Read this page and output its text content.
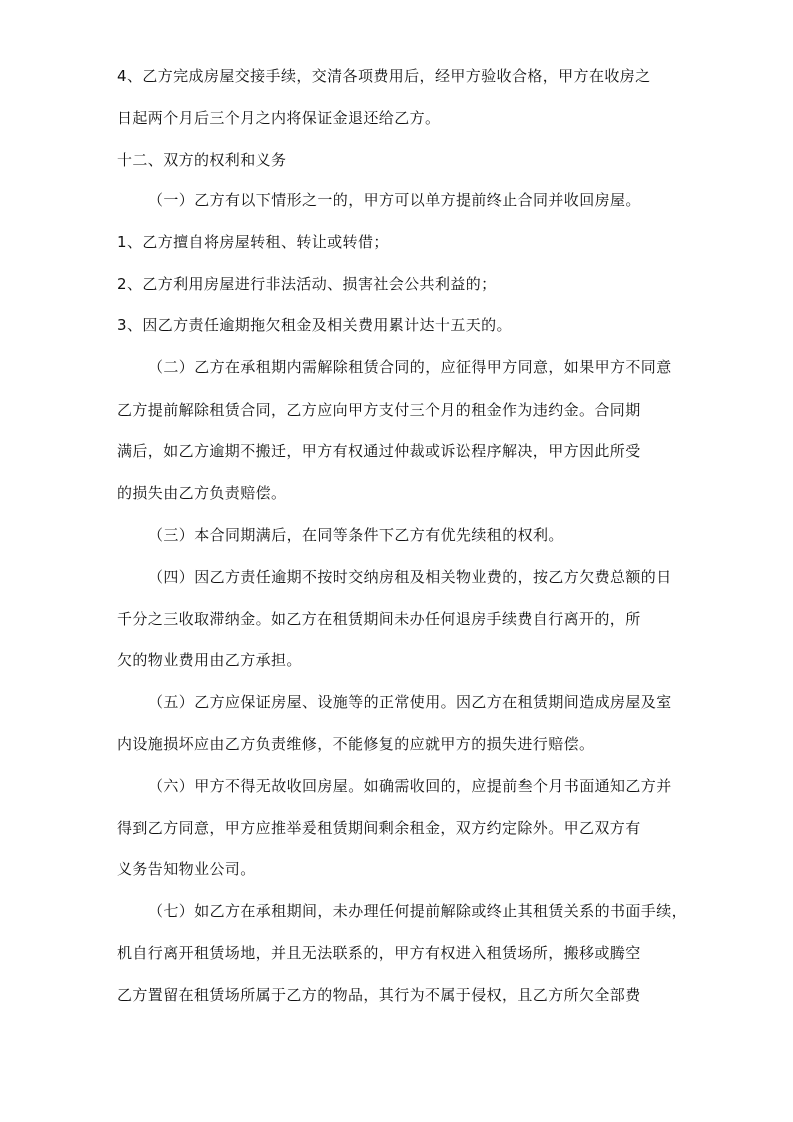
4、乙方完成房屋交接手续，交清各项费用后，经甲方验收合格，甲方在收房之
日起两个月后三个月之内将保证金退还给乙方。
十二、双方的权利和义务
（一）乙方有以下情形之一的，甲方可以单方提前终止合同并收回房屋。
1、乙方擅自将房屋转租、转让或转借；
2、乙方利用房屋进行非法活动、损害社会公共利益的；
3、因乙方责任逾期拖欠租金及相关费用累计达十五天的。
（二）乙方在承租期内需解除租赁合同的，应征得甲方同意，如果甲方不同意
乙方提前解除租赁合同，乙方应向甲方支付三个月的租金作为违约金。合同期
满后，如乙方逾期不搬迁，甲方有权通过仲裁或诉讼程序解决，甲方因此所受
的损失由乙方负责赔偿。
（三）本合同期满后，在同等条件下乙方有优先续租的权利。
（四）因乙方责任逾期不按时交纳房租及相关物业费的，按乙方欠费总额的日
千分之三收取滞纳金。如乙方在租赁期间未办任何退房手续费自行离开的，所
欠的物业费用由乙方承担。
（五）乙方应保证房屋、设施等的正常使用。因乙方在租赁期间造成房屋及室
内设施损坏应由乙方负责维修，不能修复的应就甲方的损失进行赔偿。
（六）甲方不得无故收回房屋。如确需收回的，应提前叁个月书面通知乙方并
得到乙方同意，甲方应推举爰租赁期间剩余租金，双方约定除外。甲乙双方有
义务告知物业公司。
（七）如乙方在承租期间，未办理任何提前解除或终止其租赁关系的书面手续，
机自行离开租赁场地，并且无法联系的，甲方有权进入租赁场所，搬移或腾空
乙方置留在租赁场所属于乙方的物品，其行为不属于侵权，且乙方所欠全部费
